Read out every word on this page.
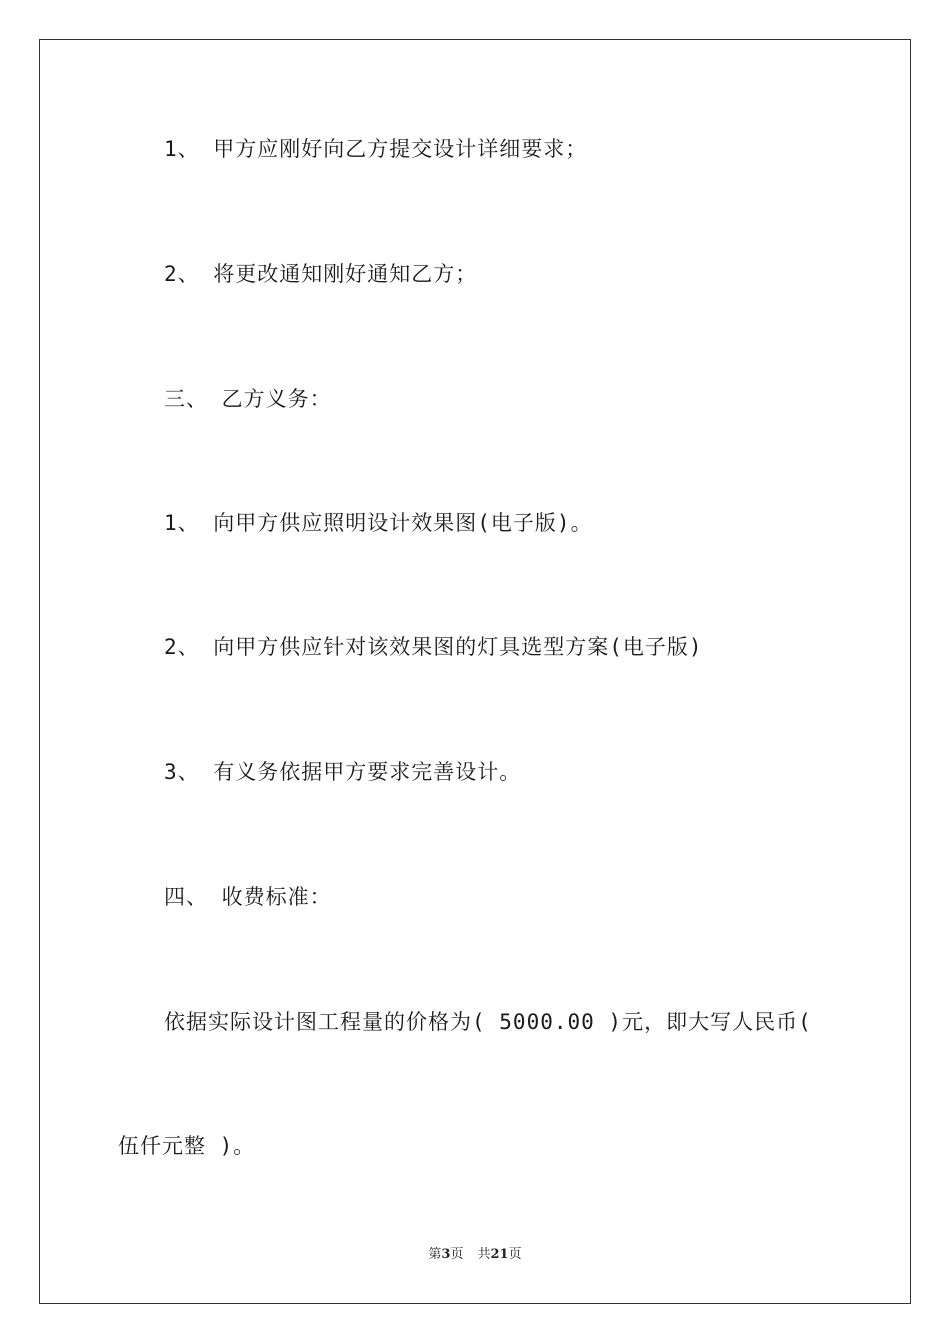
1、 甲方应刚好向乙方提交设计详细要求；
2、 将更改通知刚好通知乙方；
三、 乙方义务：
1、 向甲方供应照明设计效果图(电子版)。
2、 向甲方供应针对该效果图的灯具选型方案(电子版)
3、 有义务依据甲方要求完善设计。
四、 收费标准：
依据实际设计图工程量的价格为( 5000.00 )元，即大写人民币(
伍仟元整 )。
第3页 共21页
